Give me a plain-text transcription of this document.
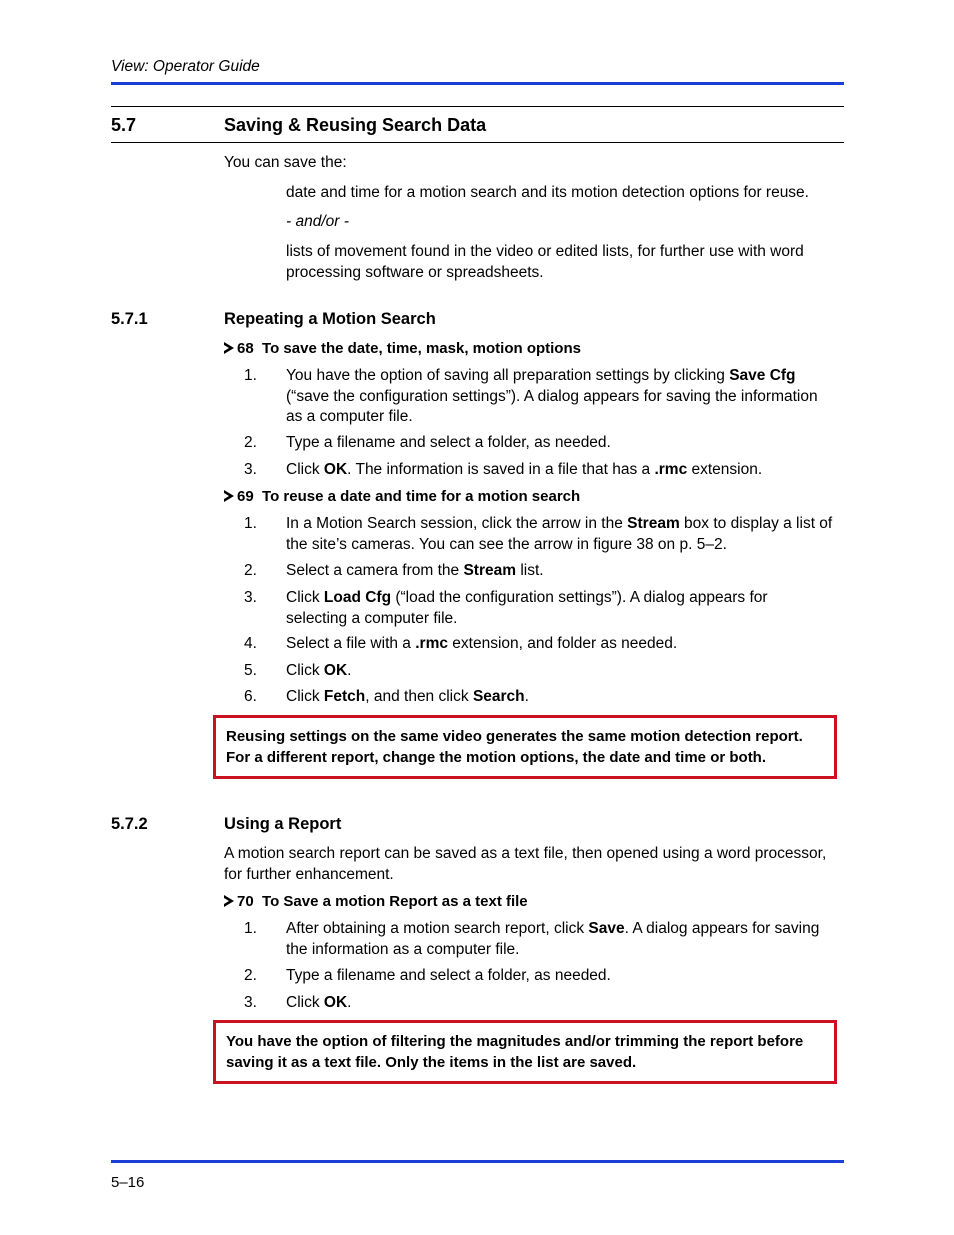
View: Operator Guide
5.7	Saving & Reusing Search Data
You can save the:
date and time for a motion search and its motion detection options for reuse.
- and/or -
lists of movement found in the video or edited lists, for further use with word processing software or spreadsheets.
5.7.1	Repeating a Motion Search
68 To save the date, time, mask, motion options
1. You have the option of saving all preparation settings by clicking Save Cfg (“save the configuration settings”). A dialog appears for saving the information as a computer file.
2. Type a filename and select a folder, as needed.
3. Click OK. The information is saved in a file that has a .rmc extension.
69 To reuse a date and time for a motion search
1. In a Motion Search session, click the arrow in the Stream box to display a list of the site’s cameras. You can see the arrow in figure 38 on p. 5–2.
2. Select a camera from the Stream list.
3. Click Load Cfg (“load the configuration settings”). A dialog appears for selecting a computer file.
4. Select a file with a .rmc extension, and folder as needed.
5. Click OK.
6. Click Fetch, and then click Search.
Reusing settings on the same video generates the same motion detection report. For a different report, change the motion options, the date and time or both.
5.7.2	Using a Report
A motion search report can be saved as a text file, then opened using a word processor, for further enhancement.
70 To Save a motion Report as a text file
1. After obtaining a motion search report, click Save. A dialog appears for saving the information as a computer file.
2. Type a filename and select a folder, as needed.
3. Click OK.
You have the option of filtering the magnitudes and/or trimming the report before saving it as a text file. Only the items in the list are saved.
5–16
